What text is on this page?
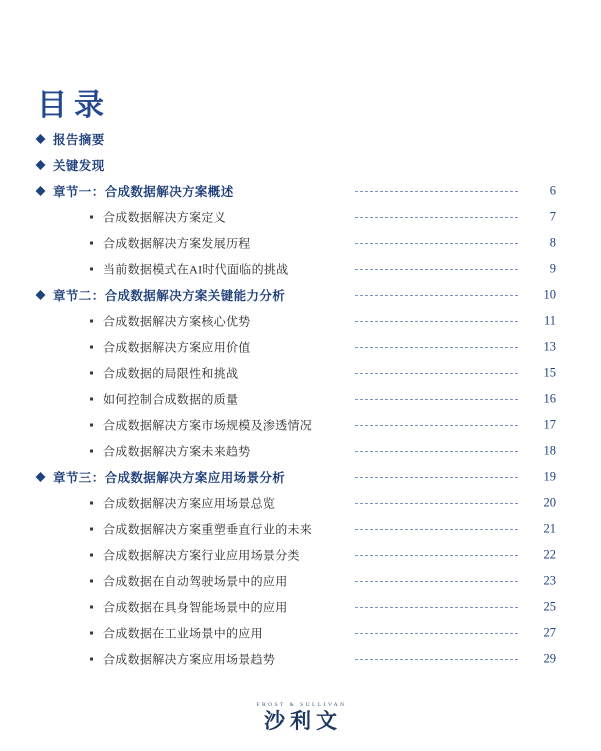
目录
报告摘要
关键发现
章节一：合成数据解决方案概述	6
合成数据解决方案定义	7
合成数据解决方案发展历程	8
当前数据模式在AI时代面临的挑战	9
章节二：合成数据解决方案关键能力分析	10
合成数据解决方案核心优势	11
合成数据解决方案应用价值	13
合成数据的局限性和挑战	15
如何控制合成数据的质量	16
合成数据解决方案市场规模及渗透情况	17
合成数据解决方案未来趋势	18
章节三：合成数据解决方案应用场景分析	19
合成数据解决方案应用场景总览	20
合成数据解决方案重塑垂直行业的未来	21
合成数据解决方案行业应用场景分类	22
合成数据在自动驾驶场景中的应用	23
合成数据在具身智能场景中的应用	25
合成数据在工业场景中的应用	27
合成数据解决方案应用场景趋势	29
FROST & SULLIVAN
沙利文
